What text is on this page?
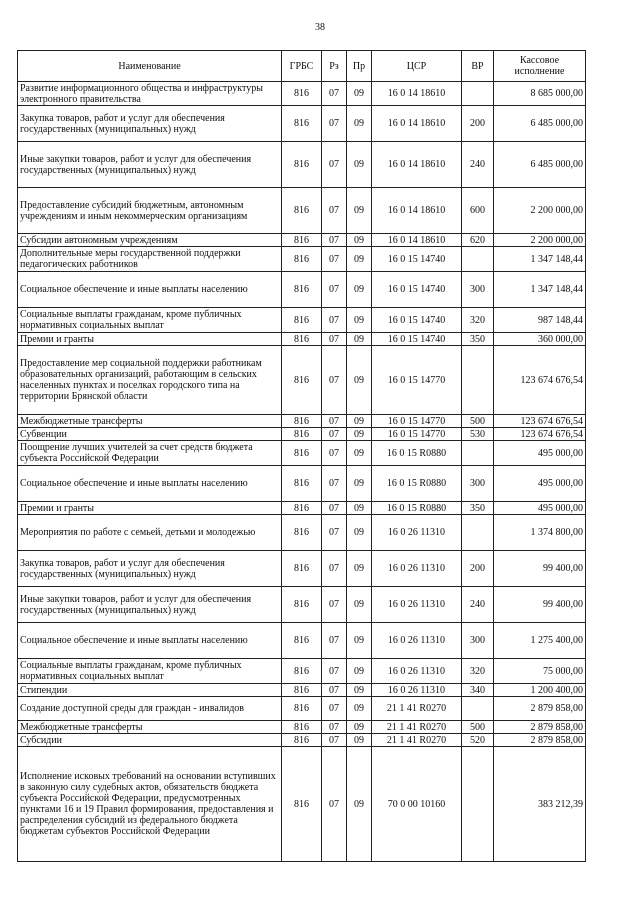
38
Наименование	ГРБС	Рз	Пр	ЦСР	ВР	Кассовое исполнение
Развитие информационного общества и инфраструктуры электронного правительства	816	07	09	16 0 14 18610		8 685 000,00
Закупка товаров, работ и услуг для обеспечения государственных (муниципальных) нужд	816	07	09	16 0 14 18610	200	6 485 000,00
Иные закупки товаров, работ и услуг для обеспечения государственных (муниципальных) нужд	816	07	09	16 0 14 18610	240	6 485 000,00
Предоставление субсидий бюджетным, автономным учреждениям и иным некоммерческим организациям	816	07	09	16 0 14 18610	600	2 200 000,00
Субсидии автономным учреждениям	816	07	09	16 0 14 18610	620	2 200 000,00
Дополнительные меры государственной поддержки педагогических работников	816	07	09	16 0 15 14740		1 347 148,44
Социальное обеспечение и иные выплаты населению	816	07	09	16 0 15 14740	300	1 347 148,44
Социальные выплаты гражданам, кроме публичных нормативных социальных выплат	816	07	09	16 0 15 14740	320	987 148,44
Премии и гранты	816	07	09	16 0 15 14740	350	360 000,00
Предоставление мер социальной поддержки работникам образовательных организаций, работающим в сельских населенных пунктах и поселках городского типа на территории Брянской области	816	07	09	16 0 15 14770		123 674 676,54
Межбюджетные трансферты	816	07	09	16 0 15 14770	500	123 674 676,54
Субвенции	816	07	09	16 0 15 14770	530	123 674 676,54
Поощрение лучших учителей за счет средств бюджета субъекта Российской Федерации	816	07	09	16 0 15 R0880		495 000,00
Социальное обеспечение и иные выплаты населению	816	07	09	16 0 15 R0880	300	495 000,00
Премии и гранты	816	07	09	16 0 15 R0880	350	495 000,00
Мероприятия по работе с семьей, детьми и молодежью	816	07	09	16 0 26 11310		1 374 800,00
Закупка товаров, работ и услуг для обеспечения государственных (муниципальных) нужд	816	07	09	16 0 26 11310	200	99 400,00
Иные закупки товаров, работ и услуг для обеспечения государственных (муниципальных) нужд	816	07	09	16 0 26 11310	240	99 400,00
Социальное обеспечение и иные выплаты населению	816	07	09	16 0 26 11310	300	1 275 400,00
Социальные выплаты гражданам, кроме публичных нормативных социальных выплат	816	07	09	16 0 26 11310	320	75 000,00
Стипендии	816	07	09	16 0 26 11310	340	1 200 400,00
Создание доступной среды для граждан - инвалидов	816	07	09	21 1 41 R0270		2 879 858,00
Межбюджетные трансферты	816	07	09	21 1 41 R0270	500	2 879 858,00
Субсидии	816	07	09	21 1 41 R0270	520	2 879 858,00
Исполнение исковых требований на основании вступивших в законную силу судебных актов, обязательств бюджета субъекта Российской Федерации, предусмотренных пунктами 16 и 19 Правил формирования, предоставления и распределения субсидий из федерального бюджета бюджетам субъектов Российской Федерации	816	07	09	70 0 00 10160		383 212,39
